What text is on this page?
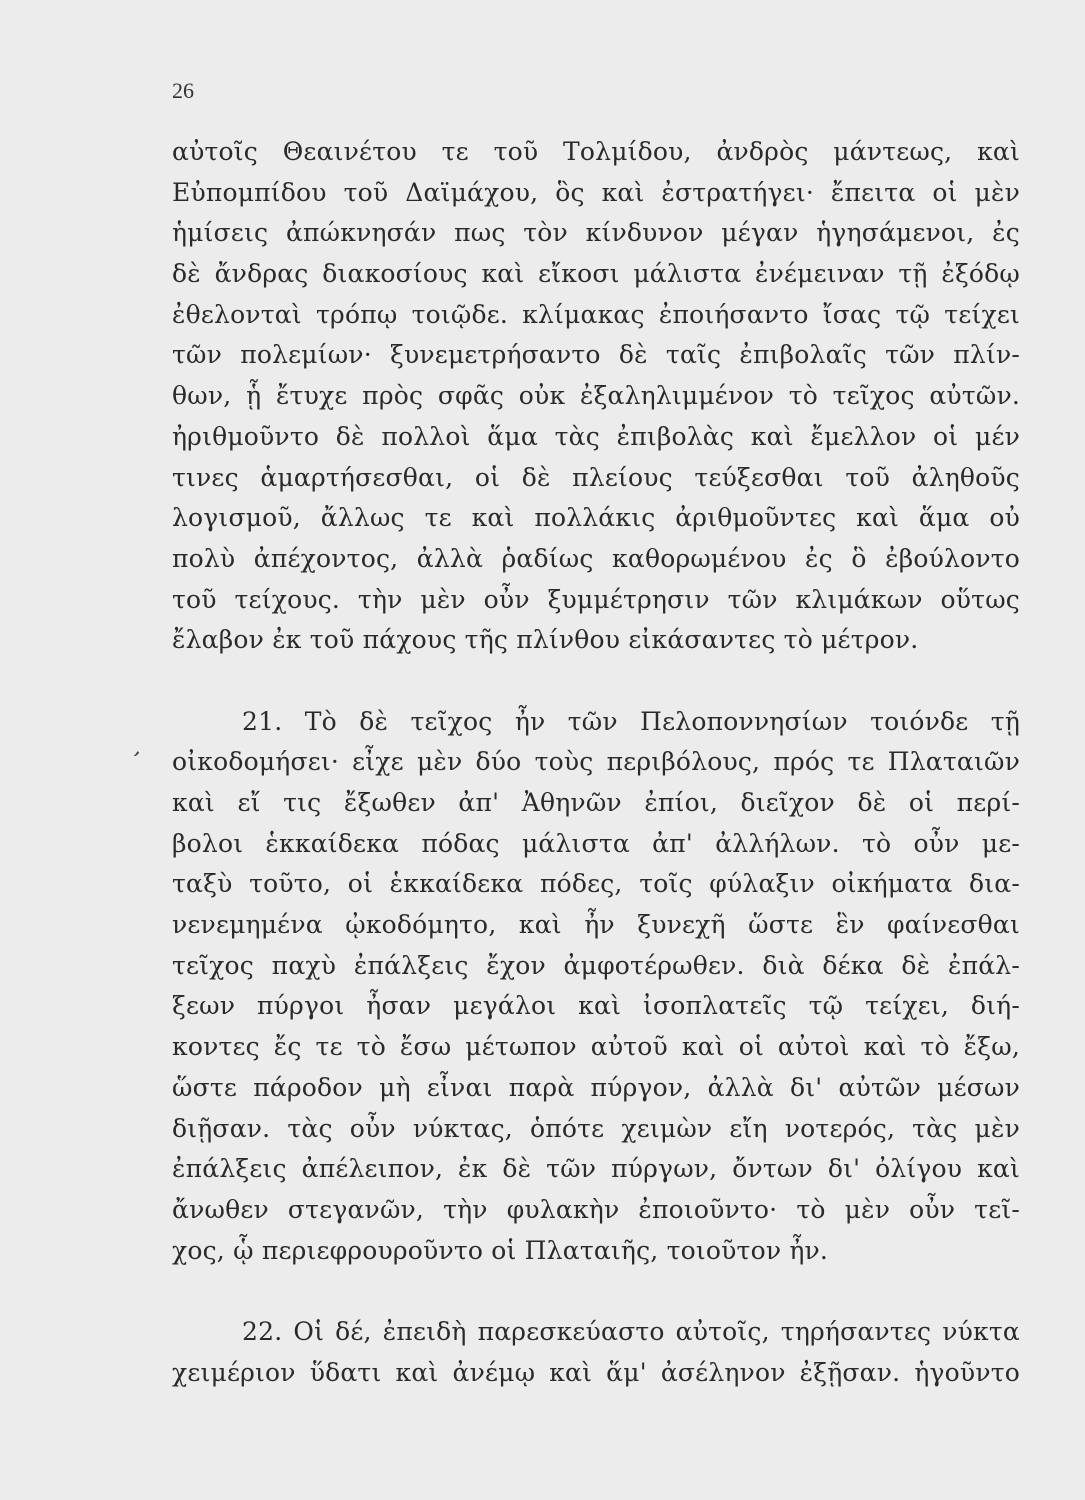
26

ʼ

αὐτοῖς Θεαινέτου τε τοῦ Τολμίδου, ἀνδρὸς μάντεως, καὶ
Εὐπομπίδου τοῦ Δαϊμάχου, ὃς καὶ ἐστρατήγει· ἔπειτα οἱ μὲν
ἡμίσεις ἀπώκνησάν πως τὸν κίνδυνον μέγαν ἡγησάμενοι, ἐς
δὲ ἄνδρας διακοσίους καὶ εἴκοσι μάλιστα ἐνέμειναν τῇ ἐξόδῳ
ἐθελονταὶ τρόπῳ τοιῷδε. κλίμακας ἐποιήσαντο ἴσας τῷ τείχει
τῶν πολεμίων· ξυνεμετρήσαντο δὲ ταῖς ἐπιβολαῖς τῶν πλίν-
θων, ᾗ ἔτυχε πρὸς σφᾶς οὐκ ἐξαληλιμμένον τὸ τεῖχος αὐτῶν.
ἠριθμοῦντο δὲ πολλοὶ ἅμα τὰς ἐπιβολὰς καὶ ἔμελλον οἱ μέν
τινες ἁμαρτήσεσθαι, οἱ δὲ πλείους τεύξεσθαι τοῦ ἀληθοῦς
λογισμοῦ, ἄλλως τε καὶ πολλάκις ἀριθμοῦντες καὶ ἅμα οὐ
πολὺ ἀπέχοντος, ἀλλὰ ῥαδίως καθορωμένου ἐς ὃ ἐβούλοντο
τοῦ τείχους. τὴν μὲν οὖν ξυμμέτρησιν τῶν κλιμάκων οὕτως
ἔλαβον ἐκ τοῦ πάχους τῆς πλίνθου εἰκάσαντες τὸ μέτρον.

21. Τὸ δὲ τεῖχος ἦν τῶν Πελοποννησίων τοιόνδε τῇ
οἰκοδομήσει· εἶχε μὲν δύο τοὺς περιβόλους, πρός τε Πλαταιῶν
καὶ εἴ τις ἔξωθεν ἀπ' Ἀθηνῶν ἐπίοι, διεῖχον δὲ οἱ περί-
βολοι ἑκκαίδεκα πόδας μάλιστα ἀπ' ἀλλήλων. τὸ οὖν με-
ταξὺ τοῦτο, οἱ ἑκκαίδεκα πόδες, τοῖς φύλαξιν οἰκήματα δια-
νενεμημένα ᾠκοδόμητο, καὶ ἦν ξυνεχῆ ὥστε ἓν φαίνεσθαι
τεῖχος παχὺ ἐπάλξεις ἔχον ἀμφοτέρωθεν. διὰ δέκα δὲ ἐπάλ-
ξεων πύργοι ἦσαν μεγάλοι καὶ ἰσοπλατεῖς τῷ τείχει, διή-
κοντες ἔς τε τὸ ἔσω μέτωπον αὐτοῦ καὶ οἱ αὐτοὶ καὶ τὸ ἔξω,
ὥστε πάροδον μὴ εἶναι παρὰ πύργον, ἀλλὰ δι' αὐτῶν μέσων
διῇσαν. τὰς οὖν νύκτας, ὁπότε χειμὼν εἴη νοτερός, τὰς μὲν
ἐπάλξεις ἀπέλειπον, ἐκ δὲ τῶν πύργων, ὄντων δι' ὀλίγου καὶ
ἄνωθεν στεγανῶν, τὴν φυλακὴν ἐποιοῦντο· τὸ μὲν οὖν τεῖ-
χος, ᾧ περιεφρουροῦντο οἱ Πλαταιῆς, τοιοῦτον ἦν.

22. Οἱ δέ, ἐπειδὴ παρεσκεύαστο αὐτοῖς, τηρήσαντες νύκτα
χειμέριον ὕδατι καὶ ἀνέμῳ καὶ ἅμ' ἀσέληνον ἐξῇσαν. ἡγοῦντο
